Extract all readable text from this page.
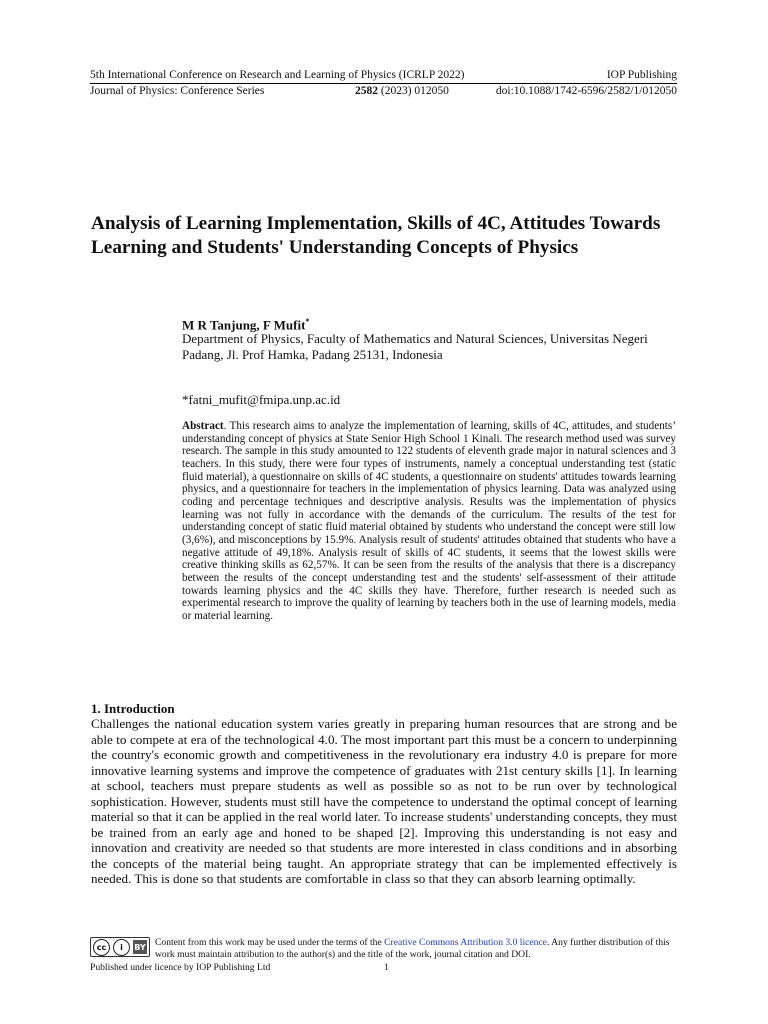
5th International Conference on Research and Learning of Physics (ICRLP 2022)	IOP Publishing
Journal of Physics: Conference Series	2582 (2023) 012050	doi:10.1088/1742-6596/2582/1/012050
Analysis of Learning Implementation, Skills of 4C, Attitudes Towards Learning and Students' Understanding Concepts of Physics
M R Tanjung, F Mufit*
Department of Physics, Faculty of Mathematics and Natural Sciences, Universitas Negeri Padang, Jl. Prof Hamka, Padang 25131, Indonesia
*fatni_mufit@fmipa.unp.ac.id
Abstract. This research aims to analyze the implementation of learning, skills of 4C, attitudes, and students’ understanding concept of physics at State Senior High School 1 Kinali. The research method used was survey research. The sample in this study amounted to 122 students of eleventh grade major in natural sciences and 3 teachers. In this study, there were four types of instruments, namely a conceptual understanding test (static fluid material), a questionnaire on skills of 4C students, a questionnaire on students' attitudes towards learning physics, and a questionnaire for teachers in the implementation of physics learning. Data was analyzed using coding and percentage techniques and descriptive analysis. Results was the implementation of physics learning was not fully in accordance with the demands of the curriculum. The results of the test for understanding concept of static fluid material obtained by students who understand the concept were still low (3,6%), and misconceptions by 15.9%. Analysis result of students' attitudes obtained that students who have a negative attitude of 49,18%. Analysis result of skills of 4C students, it seems that the lowest skills were creative thinking skills as 62,57%. It can be seen from the results of the analysis that there is a discrepancy between the results of the concept understanding test and the students' self-assessment of their attitude towards learning physics and the 4C skills they have. Therefore, further research is needed such as experimental research to improve the quality of learning by teachers both in the use of learning models, media or material learning.
1. Introduction
Challenges the national education system varies greatly in preparing human resources that are strong and be able to compete at era of the technological 4.0. The most important part this must be a concern to underpinning the country's economic growth and competitiveness in the revolutionary era industry 4.0 is prepare for more innovative learning systems and improve the competence of graduates with 21st century skills [1]. In learning at school, teachers must prepare students as well as possible so as not to be run over by technological sophistication. However, students must still have the competence to understand the optimal concept of learning material so that it can be applied in the real world later. To increase students' understanding concepts, they must be trained from an early age and honed to be shaped [2]. Improving this understanding is not easy and innovation and creativity are needed so that students are more interested in class conditions and in absorbing the concepts of the material being taught. An appropriate strategy that can be implemented effectively is needed. This is done so that students are comfortable in class so that they can absorb learning optimally.
cc	i	BY Content from this work may be used under the terms of the Creative Commons Attribution 3.0 licence. Any further distribution of this work must maintain attribution to the author(s) and the title of the work, journal citation and DOI.
Published under licence by IOP Publishing Ltd	1
